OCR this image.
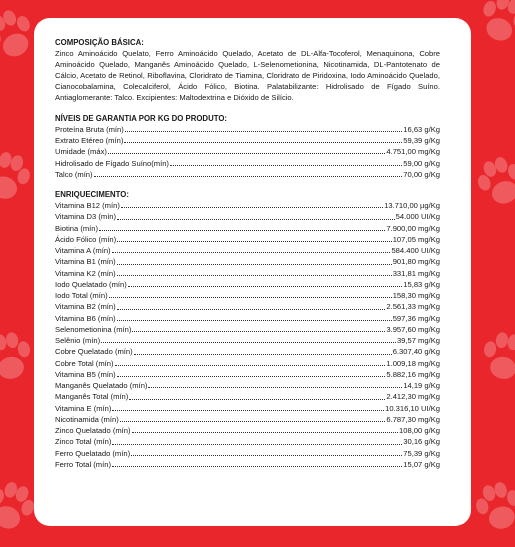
COMPOSIÇÃO BÁSICA:

Zinco Aminoácido Quelato, Ferro Aminoácido Quelado, Acetato de DL-Alfa-Tocoferol, Menaquinona, Cobre Aminoácido Quelado, Manganês Aminoácido Quelado, L-Selenometionina, Nicotinamida, DL-Pantotenato de Cálcio, Acetato de Retinol, Riboflavina, Cloridrato de Tiamina, Cloridrato de Piridoxina, Iodo Aminoácido Quelado, Cianocobalamina, Colecalciferol, Ácido Fólico, Biotina. Palatabilizante: Hidrolisado de Fígado Suíno. Antiaglomerante: Talco. Excipientes: Maltodextrina e Dióxido de Silício.

NÍVEIS DE GARANTIA POR KG DO PRODUTO:

Proteína Bruta (mín)	16,63 g/Kg
Extrato Etéreo (mín)	59,39 g/Kg
Umidade (máx)	4.751,00 mg/Kg
Hidrolisado de Fígado Suíno(mín)	59,00 g/Kg
Talco (mín)	70,00 g/Kg

ENRIQUECIMENTO:

Vitamina B12 (mín)	13.710,00 µg/Kg
Vitamina D3 (mín)	54.000 UI/Kg
Biotina (mín)	7.900,00 mg/Kg
Ácido Fólico (mín)	107,05 mg/Kg
Vitamina A (mín)	584.400 UI/Kg
Vitamina B1 (mín)	901,80 mg/Kg
Vitamina K2 (mín)	331,81 mg/Kg
Iodo Quelatado (mín)	15,83 g/Kg
Iodo Total (mín)	158,30 mg/Kg
Vitamina B2 (mín)	2.561,33 mg/Kg
Vitamina B6 (mín)	597,36 mg/Kg
Selenometionina (mín)	3.957,60 mg/Kg
Selênio (mín)	39,57 mg/Kg
Cobre Quelatado (mín)	6.307,40 g/Kg
Cobre Total (mín)	1.009,18 mg/Kg
Vitamina B5 (mín)	5.882,16 mg/Kg
Manganês Quelatado (mín)	14,19 g/Kg
Manganês Total (mín)	2.412,30 mg/Kg
Vitamina E (mín)	10.316,10 UI/Kg
Nicotinamida (mín)	6.787,30 mg/Kg
Zinco Quelatado (mín)	108,00 g/Kg
Zinco Total (mín)	30,16 g/Kg
Ferro Quelatado (mín)	75,39 g/Kg
Ferro Total (mín)	15,07 g/Kg
